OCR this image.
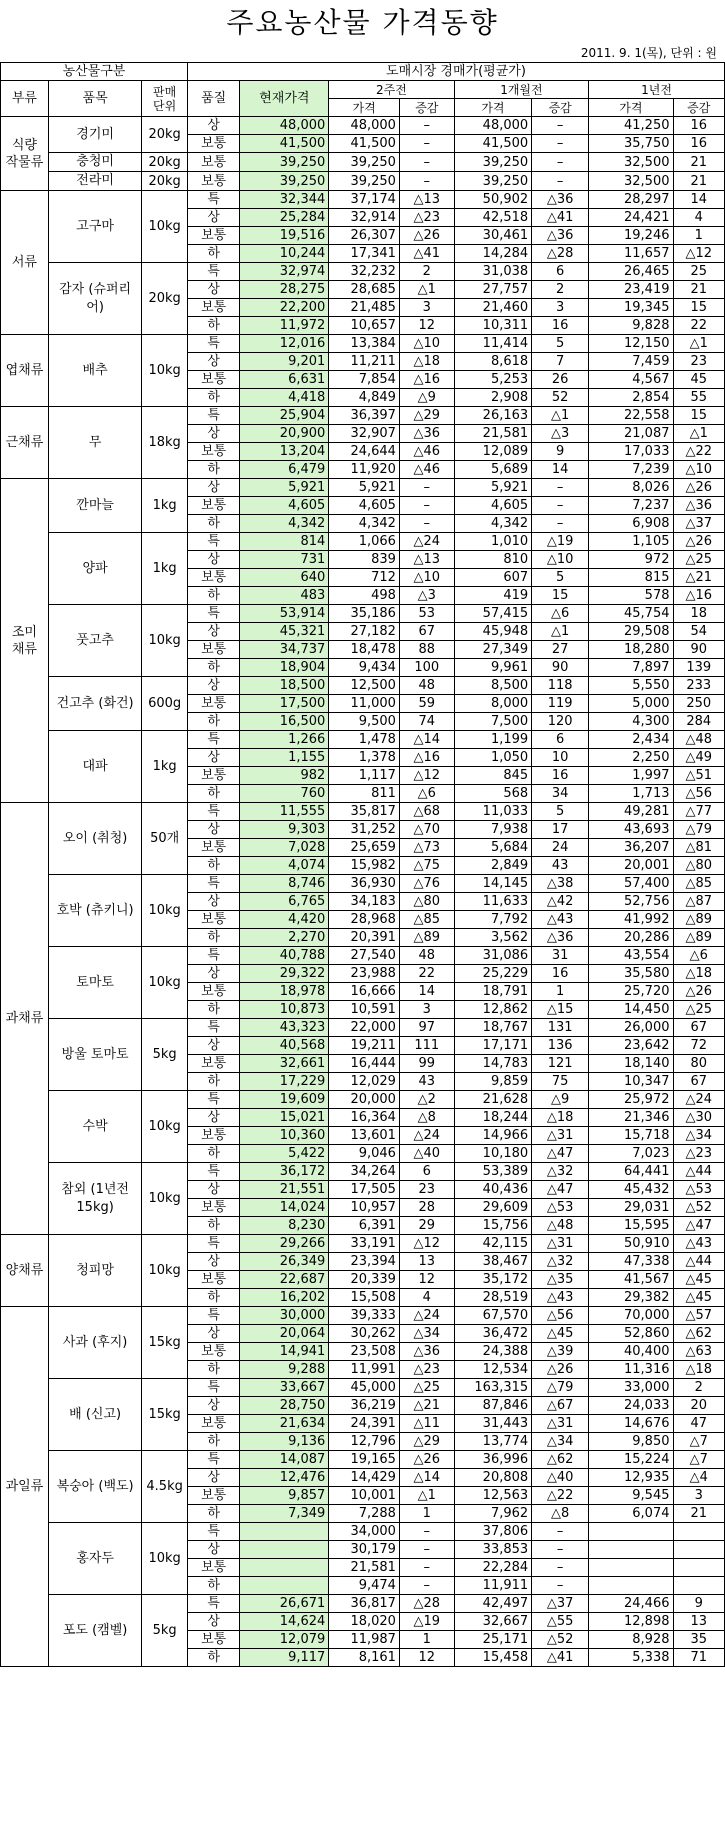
주요농산물 가격동향
2011. 9. 1(목), 단위 : 원
농산물구분			도매시장 경매가(평균가)							
부류	품목	판매
단위	품질	현재가격	2주전		1개월전		1년전	
					가격	증감	가격	증감	가격	증감
식량
작물류	경기미	20kg	상	48,000	48,000	–	48,000	–	41,250	16
			보통	41,500	41,500	–	41,500	–	35,750	16
	충청미	20kg	보통	39,250	39,250	–	39,250	–	32,500	21
	전라미	20kg	보통	39,250	39,250	–	39,250	–	32,500	21
서류	고구마	10kg	특	32,344	37,174	△13	50,902	△36	28,297	14
			상	25,284	32,914	△23	42,518	△41	24,421	4
			보통	19,516	26,307	△26	30,461	△36	19,246	1
			하	10,244	17,341	△41	14,284	△28	11,657	△12
	감자 (슈퍼리어)	20kg	특	32,974	32,232	2	31,038	6	26,465	25
			상	28,275	28,685	△1	27,757	2	23,419	21
			보통	22,200	21,485	3	21,460	3	19,345	15
			하	11,972	10,657	12	10,311	16	9,828	22
엽채류	배추	10kg	특	12,016	13,384	△10	11,414	5	12,150	△1
			상	9,201	11,211	△18	8,618	7	7,459	23
			보통	6,631	7,854	△16	5,253	26	4,567	45
			하	4,418	4,849	△9	2,908	52	2,854	55
근채류	무	18kg	특	25,904	36,397	△29	26,163	△1	22,558	15
			상	20,900	32,907	△36	21,581	△3	21,087	△1
			보통	13,204	24,644	△46	12,089	9	17,033	△22
			하	6,479	11,920	△46	5,689	14	7,239	△10
조미
채류	깐마늘	1kg	상	5,921	5,921	–	5,921	–	8,026	△26
			보통	4,605	4,605	–	4,605	–	7,237	△36
			하	4,342	4,342	–	4,342	–	6,908	△37
	양파	1kg	특	814	1,066	△24	1,010	△19	1,105	△26
			상	731	839	△13	810	△10	972	△25
			보통	640	712	△10	607	5	815	△21
			하	483	498	△3	419	15	578	△16
	풋고추	10kg	특	53,914	35,186	53	57,415	△6	45,754	18
			상	45,321	27,182	67	45,948	△1	29,508	54
			보통	34,737	18,478	88	27,349	27	18,280	90
			하	18,904	9,434	100	9,961	90	7,897	139
	건고추 (화건)	600g	상	18,500	12,500	48	8,500	118	5,550	233
			보통	17,500	11,000	59	8,000	119	5,000	250
			하	16,500	9,500	74	7,500	120	4,300	284
	대파	1kg	특	1,266	1,478	△14	1,199	6	2,434	△48
			상	1,155	1,378	△16	1,050	10	2,250	△49
			보통	982	1,117	△12	845	16	1,997	△51
			하	760	811	△6	568	34	1,713	△56
과채류	오이 (취청)	50개	특	11,555	35,817	△68	11,033	5	49,281	△77
			상	9,303	31,252	△70	7,938	17	43,693	△79
			보통	7,028	25,659	△73	5,684	24	36,207	△81
			하	4,074	15,982	△75	2,849	43	20,001	△80
	호박 (츄키니)	10kg	특	8,746	36,930	△76	14,145	△38	57,400	△85
			상	6,765	34,183	△80	11,633	△42	52,756	△87
			보통	4,420	28,968	△85	7,792	△43	41,992	△89
			하	2,270	20,391	△89	3,562	△36	20,286	△89
	토마토	10kg	특	40,788	27,540	48	31,086	31	43,554	△6
			상	29,322	23,988	22	25,229	16	35,580	△18
			보통	18,978	16,666	14	18,791	1	25,720	△26
			하	10,873	10,591	3	12,862	△15	14,450	△25
	방울 토마토	5kg	특	43,323	22,000	97	18,767	131	26,000	67
			상	40,568	19,211	111	17,171	136	23,642	72
			보통	32,661	16,444	99	14,783	121	18,140	80
			하	17,229	12,029	43	9,859	75	10,347	67
	수박	10kg	특	19,609	20,000	△2	21,628	△9	25,972	△24
			상	15,021	16,364	△8	18,244	△18	21,346	△30
			보통	10,360	13,601	△24	14,966	△31	15,718	△34
			하	5,422	9,046	△40	10,180	△47	7,023	△23
	참외 (1년전15kg)	10kg	특	36,172	34,264	6	53,389	△32	64,441	△44
			상	21,551	17,505	23	40,436	△47	45,432	△53
			보통	14,024	10,957	28	29,609	△53	29,031	△52
			하	8,230	6,391	29	15,756	△48	15,595	△47
양채류	청피망	10kg	특	29,266	33,191	△12	42,115	△31	50,910	△43
			상	26,349	23,394	13	38,467	△32	47,338	△44
			보통	22,687	20,339	12	35,172	△35	41,567	△45
			하	16,202	15,508	4	28,519	△43	29,382	△45
과일류	사과 (후지)	15kg	특	30,000	39,333	△24	67,570	△56	70,000	△57
			상	20,064	30,262	△34	36,472	△45	52,860	△62
			보통	14,941	23,508	△36	24,388	△39	40,400	△63
			하	9,288	11,991	△23	12,534	△26	11,316	△18
	배 (신고)	15kg	특	33,667	45,000	△25	163,315	△79	33,000	2
			상	28,750	36,219	△21	87,846	△67	24,033	20
			보통	21,634	24,391	△11	31,443	△31	14,676	47
			하	9,136	12,796	△29	13,774	△34	9,850	△7
	복숭아 (백도)	4.5kg	특	14,087	19,165	△26	36,996	△62	15,224	△7
			상	12,476	14,429	△14	20,808	△40	12,935	△4
			보통	9,857	10,001	△1	12,563	△22	9,545	3
			하	7,349	7,288	1	7,962	△8	6,074	21
	홍자두	10kg	특		34,000	–	37,806	–		
			상		30,179	–	33,853	–		
			보통		21,581	–	22,284	–		
			하		9,474	–	11,911	–		
	포도 (캠벨)	5kg	특	26,671	36,817	△28	42,497	△37	24,466	9
			상	14,624	18,020	△19	32,667	△55	12,898	13
			보통	12,079	11,987	1	25,171	△52	8,928	35
			하	9,117	8,161	12	15,458	△41	5,338	71
